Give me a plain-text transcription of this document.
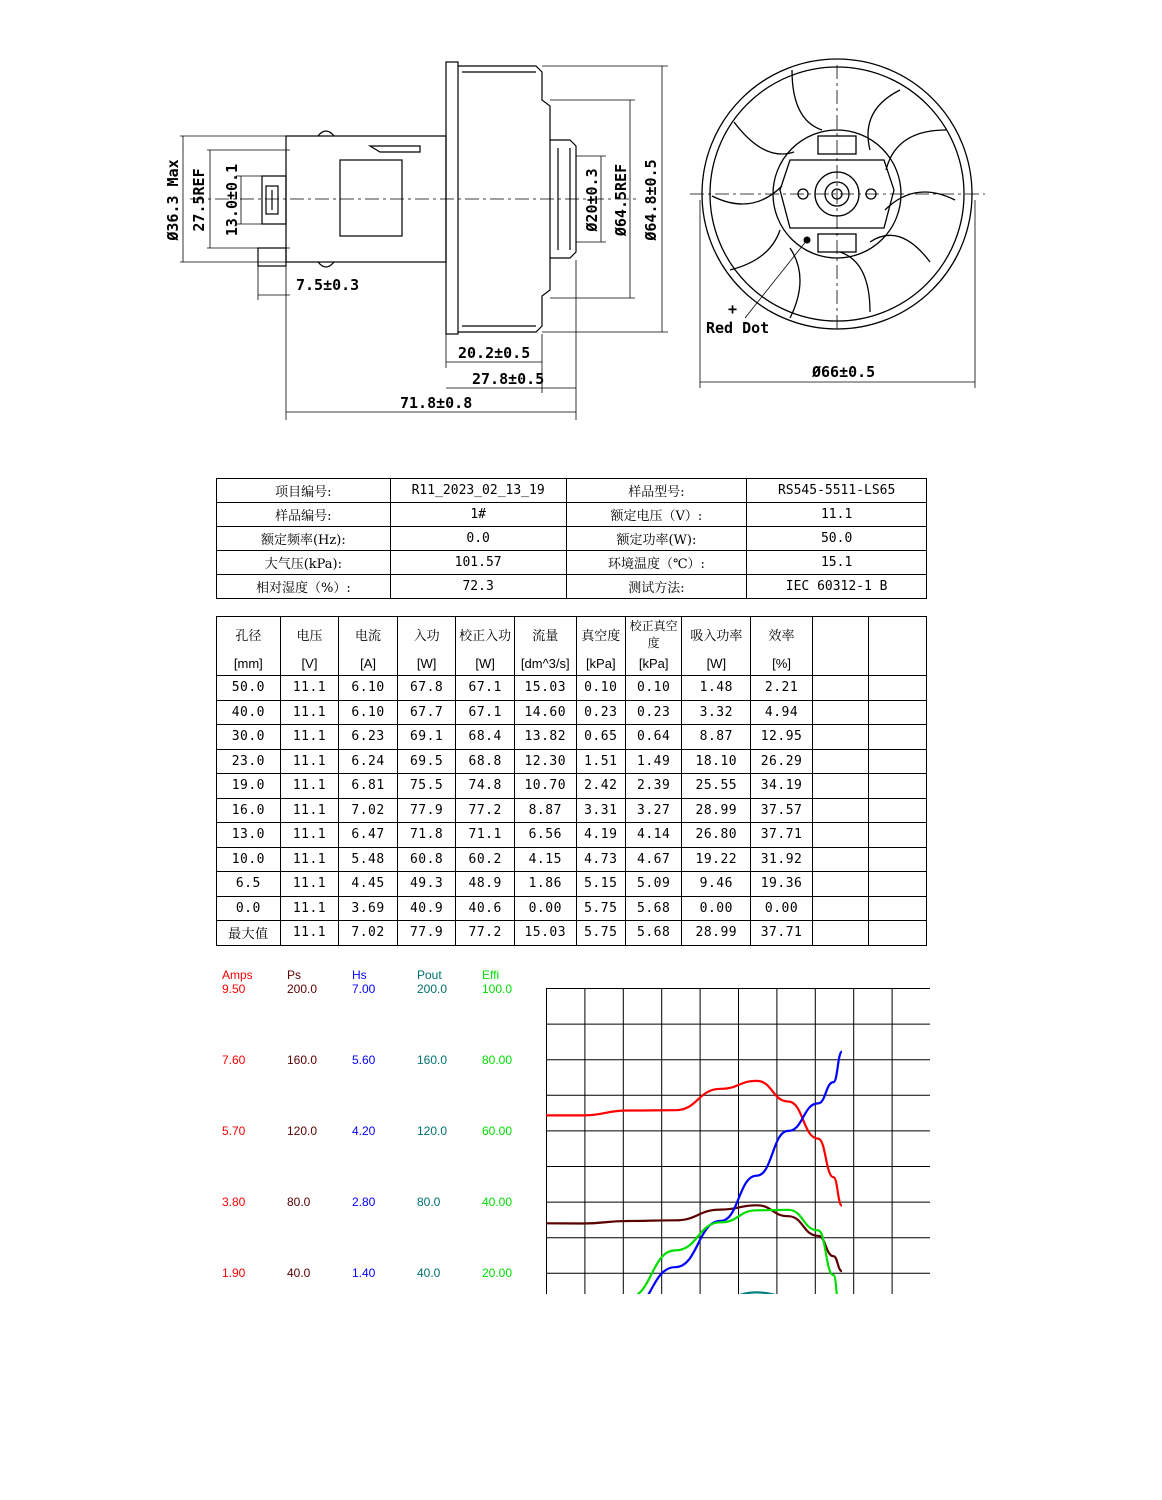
Ø36.3 Max 27.5REF 13.0±0.1	Ø20±0.3 Ø64.5REF Ø64.8±0.5
7.5±0.3
20.2±0.5
27.8±0.5
71.8±0.8
Ø66±0.5
+
Red Dot
项目编号:	R11_2023_02_13_19	样品型号:	RS545-5511-LS65
样品编号:	1#	额定电压（V）:	11.1
额定频率(Hz):	0.0	额定功率(W):	50.0
大气压(kPa):	101.57	环境温度（℃）:	15.1
相对湿度（%）:	72.3	测试方法:	IEC 60312-1 B
孔径	电压	电流	入功	校正入功	流量	真空度	校正真空度	吸入功率	效率		
[mm]	[V]	[A]	[W]	[W]	[dm^3/s]	[kPa]	[kPa]	[W]	[%]		
50.0	11.1	6.10	67.8	67.1	15.03	0.10	0.10	1.48	2.21		
40.0	11.1	6.10	67.7	67.1	14.60	0.23	0.23	3.32	4.94		
30.0	11.1	6.23	69.1	68.4	13.82	0.65	0.64	8.87	12.95		
23.0	11.1	6.24	69.5	68.8	12.30	1.51	1.49	18.10	26.29		
19.0	11.1	6.81	75.5	74.8	10.70	2.42	2.39	25.55	34.19		
16.0	11.1	7.02	77.9	77.2	8.87	3.31	3.27	28.99	37.57		
13.0	11.1	6.47	71.8	71.1	6.56	4.19	4.14	26.80	37.71		
10.0	11.1	5.48	60.8	60.2	4.15	4.73	4.67	19.22	31.92		
6.5	11.1	4.45	49.3	48.9	1.86	5.15	5.09	9.46	19.36		
0.0	11.1	3.69	40.9	40.6	0.00	5.75	5.68	0.00	0.00		
最大值	11.1	7.02	77.9	77.2	15.03	5.75	5.68	28.99	37.71		
Amps
9.50
7.60
5.70
3.80
1.90
Ps
200.0
160.0
120.0
80.0
40.0
Hs
7.00
5.60
4.20
2.80
1.40
Pout
200.0
160.0
120.0
80.0
40.0
Effi
100.0
80.00
60.00
40.00
20.00
